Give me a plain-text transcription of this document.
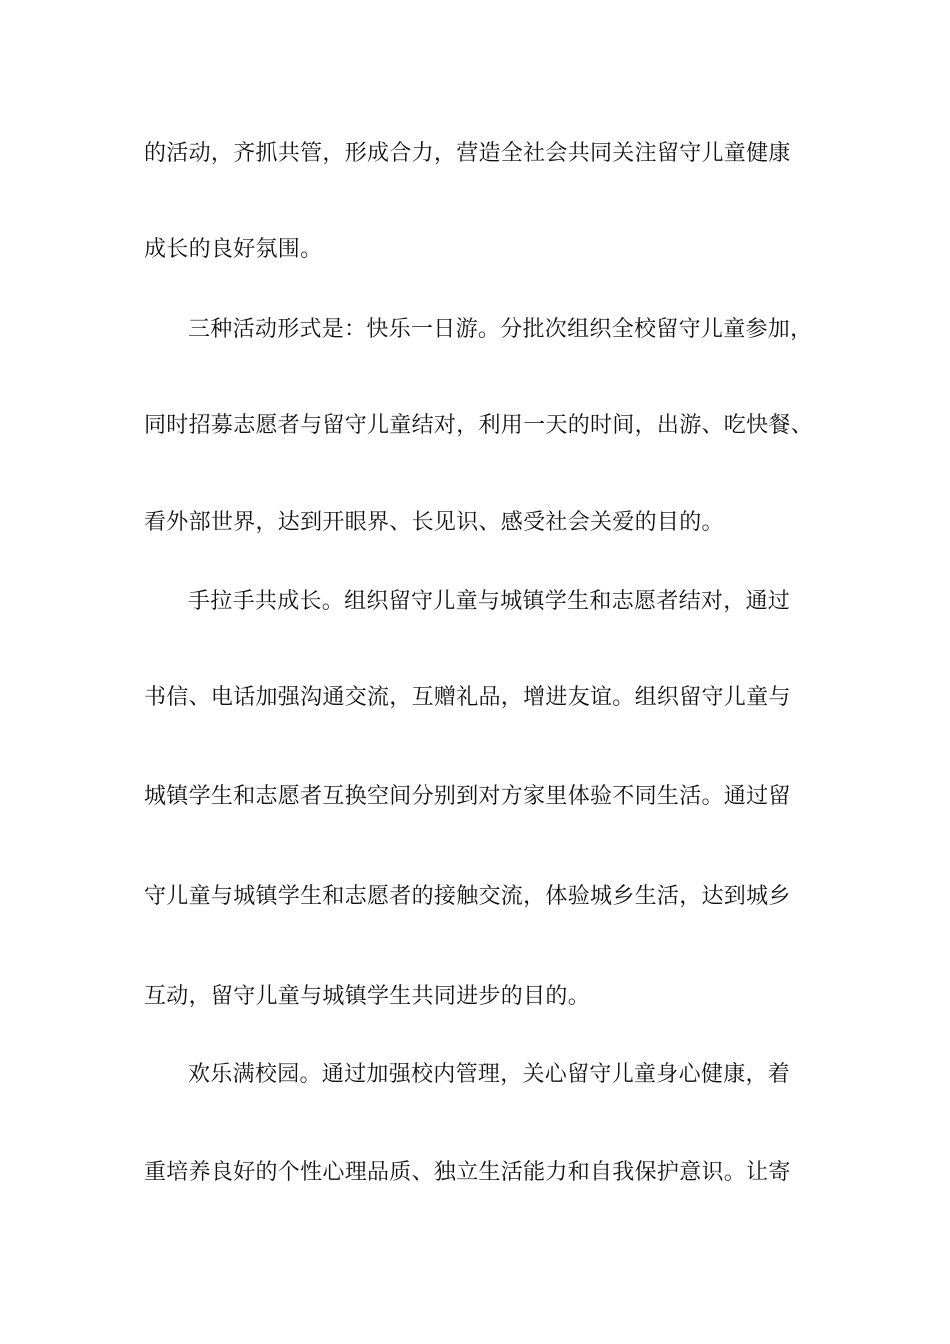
的活动，齐抓共管，形成合力，营造全社会共同关注留守儿童健康
成长的良好氛围。
三种活动形式是：快乐一日游。分批次组织全校留守儿童参加，
同时招募志愿者与留守儿童结对，利用一天的时间，出游、吃快餐、
看外部世界，达到开眼界、长见识、感受社会关爱的目的。
手拉手共成长。组织留守儿童与城镇学生和志愿者结对，通过
书信、电话加强沟通交流，互赠礼品，增进友谊。组织留守儿童与
城镇学生和志愿者互换空间分别到对方家里体验不同生活。通过留
守儿童与城镇学生和志愿者的接触交流，体验城乡生活，达到城乡
互动，留守儿童与城镇学生共同进步的目的。
欢乐满校园。通过加强校内管理，关心留守儿童身心健康，着
重培养良好的个性心理品质、独立生活能力和自我保护意识。让寄
